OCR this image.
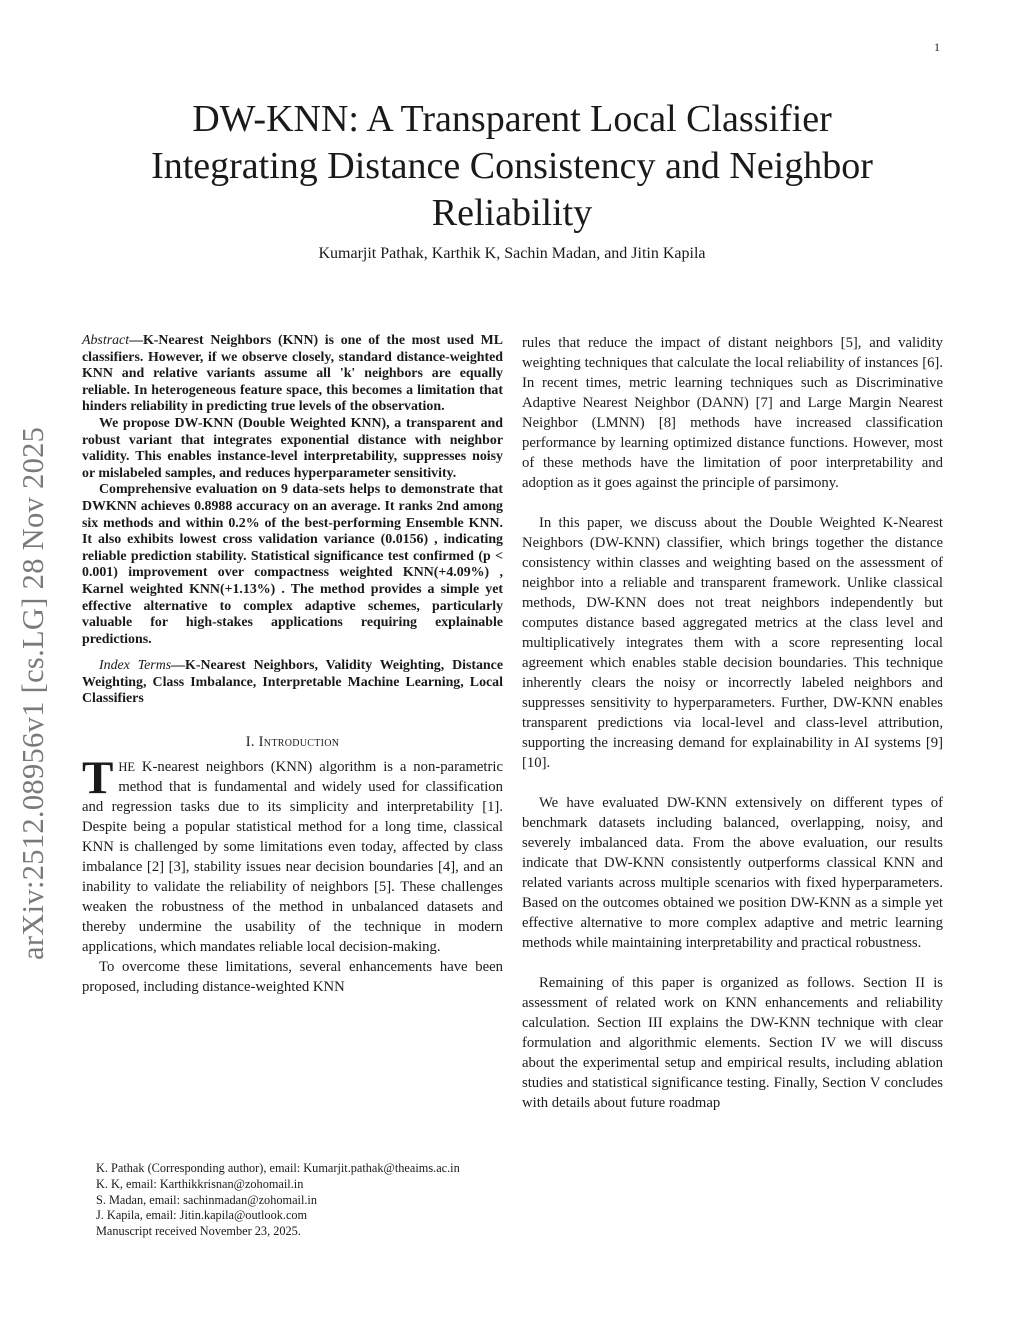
1
arXiv:2512.08956v1 [cs.LG] 28 Nov 2025
DW-KNN: A Transparent Local Classifier Integrating Distance Consistency and Neighbor Reliability
Kumarjit Pathak, Karthik K, Sachin Madan, and Jitin Kapila

Abstract—K-Nearest Neighbors (KNN) is one of the most used ML classifiers. However, if we observe closely, standard distance-weighted KNN and relative variants assume all 'k' neighbors are equally reliable. In heterogeneous feature space, this becomes a limitation that hinders reliability in predicting true levels of the observation.

We propose DW-KNN (Double Weighted KNN), a transparent and robust variant that integrates exponential distance with neighbor validity. This enables instance-level interpretability, suppresses noisy or mislabeled samples, and reduces hyperparameter sensitivity.

Comprehensive evaluation on 9 data-sets helps to demonstrate that DWKNN achieves 0.8988 accuracy on an average. It ranks 2nd among six methods and within 0.2% of the best-performing Ensemble KNN. It also exhibits lowest cross validation variance (0.0156) , indicating reliable prediction stability. Statistical significance test confirmed (p < 0.001) improvement over compactness weighted KNN(+4.09%) , Karnel weighted KNN(+1.13%) . The method provides a simple yet effective alternative to complex adaptive schemes, particularly valuable for high-stakes applications requiring explainable predictions.

Index Terms—K-Nearest Neighbors, Validity Weighting, Distance Weighting, Class Imbalance, Interpretable Machine Learning, Local Classifiers
I. Introduction

THE K-nearest neighbors (KNN) algorithm is a non-parametric method that is fundamental and widely used for classification and regression tasks due to its simplicity and interpretability [1]. Despite being a popular statistical method for a long time, classical KNN is challenged by some limitations even today, affected by class imbalance [2] [3], stability issues near decision boundaries [4], and an inability to validate the reliability of neighbors [5]. These challenges weaken the robustness of the method in unbalanced datasets and thereby undermine the usability of the technique in modern applications, which mandates reliable local decision-making.

To overcome these limitations, several enhancements have been proposed, including distance-weighted KNN

K. Pathak (Corresponding author), email: Kumarjit.pathak@theaims.ac.in
K. K, email: Karthikkrisnan@zohomail.in
S. Madan, email: sachinmadan@zohomail.in
J. Kapila, email: Jitin.kapila@outlook.com
Manuscript received November 23, 2025.

rules that reduce the impact of distant neighbors [5], and validity weighting techniques that calculate the local reliability of instances [6]. In recent times, metric learning techniques such as Discriminative Adaptive Nearest Neighbor (DANN) [7] and Large Margin Nearest Neighbor (LMNN) [8] methods have increased classification performance by learning optimized distance functions. However, most of these methods have the limitation of poor interpretability and adoption as it goes against the principle of parsimony.

In this paper, we discuss about the Double Weighted K-Nearest Neighbors (DW-KNN) classifier, which brings together the distance consistency within classes and weighting based on the assessment of neighbor into a reliable and transparent framework. Unlike classical methods, DW-KNN does not treat neighbors independently but computes distance based aggregated metrics at the class level and multiplicatively integrates them with a score representing local agreement which enables stable decision boundaries. This technique inherently clears the noisy or incorrectly labeled neighbors and suppresses sensitivity to hyperparameters. Further, DW-KNN enables transparent predictions via local-level and class-level attribution, supporting the increasing demand for explainability in AI systems [9] [10].

We have evaluated DW-KNN extensively on different types of benchmark datasets including balanced, overlapping, noisy, and severely imbalanced data. From the above evaluation, our results indicate that DW-KNN consistently outperforms classical KNN and related variants across multiple scenarios with fixed hyperparameters. Based on the outcomes obtained we position DW-KNN as a simple yet effective alternative to more complex adaptive and metric learning methods while maintaining interpretability and practical robustness.

Remaining of this paper is organized as follows. Section II is assessment of related work on KNN enhancements and reliability calculation. Section III explains the DW-KNN technique with clear formulation and algorithmic elements. Section IV we will discuss about the experimental setup and empirical results, including ablation studies and statistical significance testing. Finally, Section V concludes with details about future roadmap
